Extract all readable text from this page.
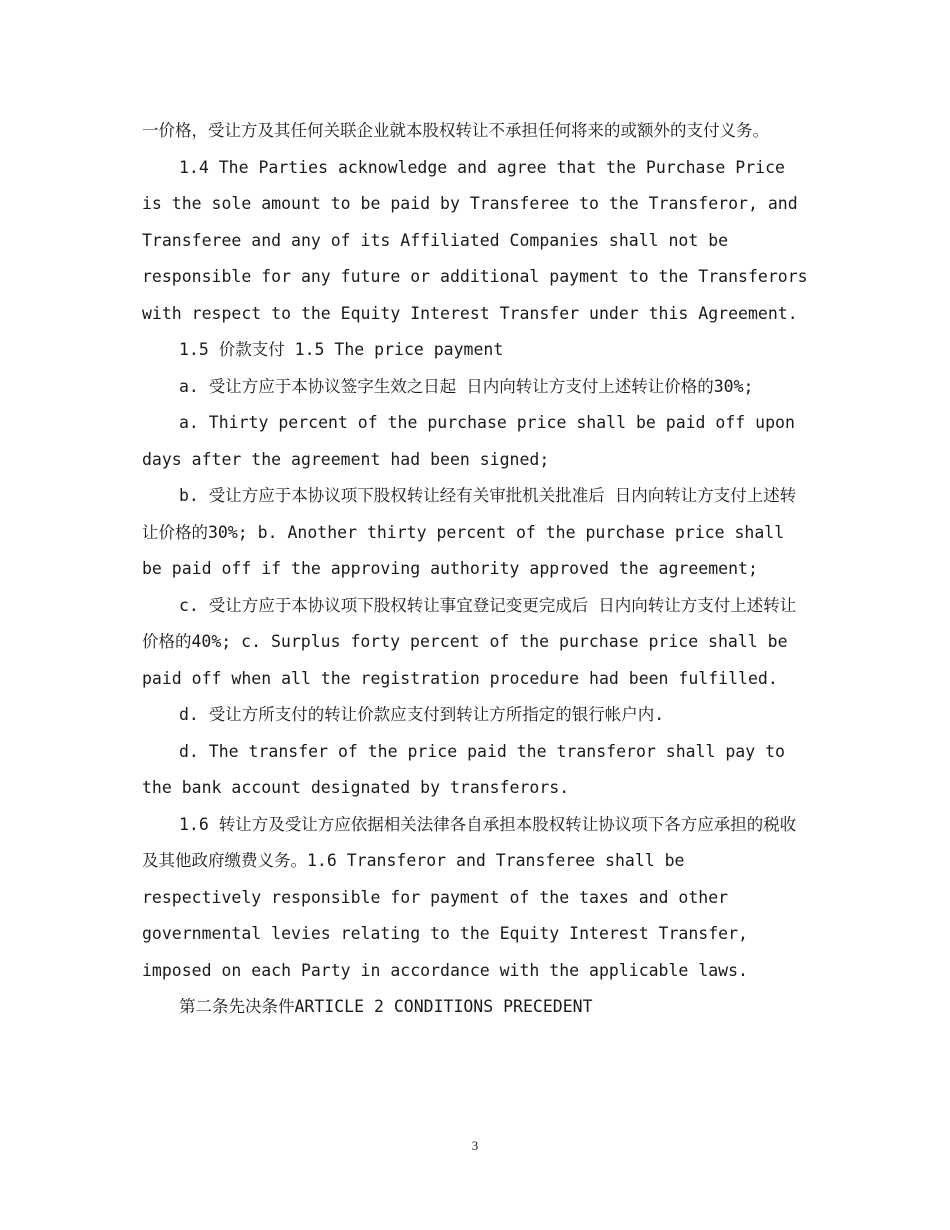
一价格，受让方及其任何关联企业就本股权转让不承担任何将来的或额外的支付义务。

1.4 The Parties acknowledge and agree that the Purchase Price is the sole amount to be paid by Transferee to the Transferor, and Transferee and any of its Affiliated Companies shall not be responsible for any future or additional payment to the Transferors with respect to the Equity Interest Transfer under this Agreement.

1.5 价款支付 1.5 The price payment

a. 受让方应于本协议签字生效之日起 日内向转让方支付上述转让价格的30%;

a. Thirty percent of the purchase price shall be paid off upon days after the agreement had been signed;

b. 受让方应于本协议项下股权转让经有关审批机关批准后 日内向转让方支付上述转让价格的30%; b. Another thirty percent of the purchase price shall be paid off if the approving authority approved the agreement;

c. 受让方应于本协议项下股权转让事宜登记变更完成后 日内向转让方支付上述转让价格的40%; c. Surplus forty percent of the purchase price shall be paid off when all the registration procedure had been fulfilled.

d. 受让方所支付的转让价款应支付到转让方所指定的银行帐户内.

d. The transfer of the price paid the transferor shall pay to the bank account designated by transferors.

1.6 转让方及受让方应依据相关法律各自承担本股权转让协议项下各方应承担的税收及其他政府缴费义务。1.6 Transferor and Transferee shall be respectively responsible for payment of the taxes and other governmental levies relating to the Equity Interest Transfer, imposed on each Party in accordance with the applicable laws.

第二条先决条件ARTICLE 2 CONDITIONS PRECEDENT

3
